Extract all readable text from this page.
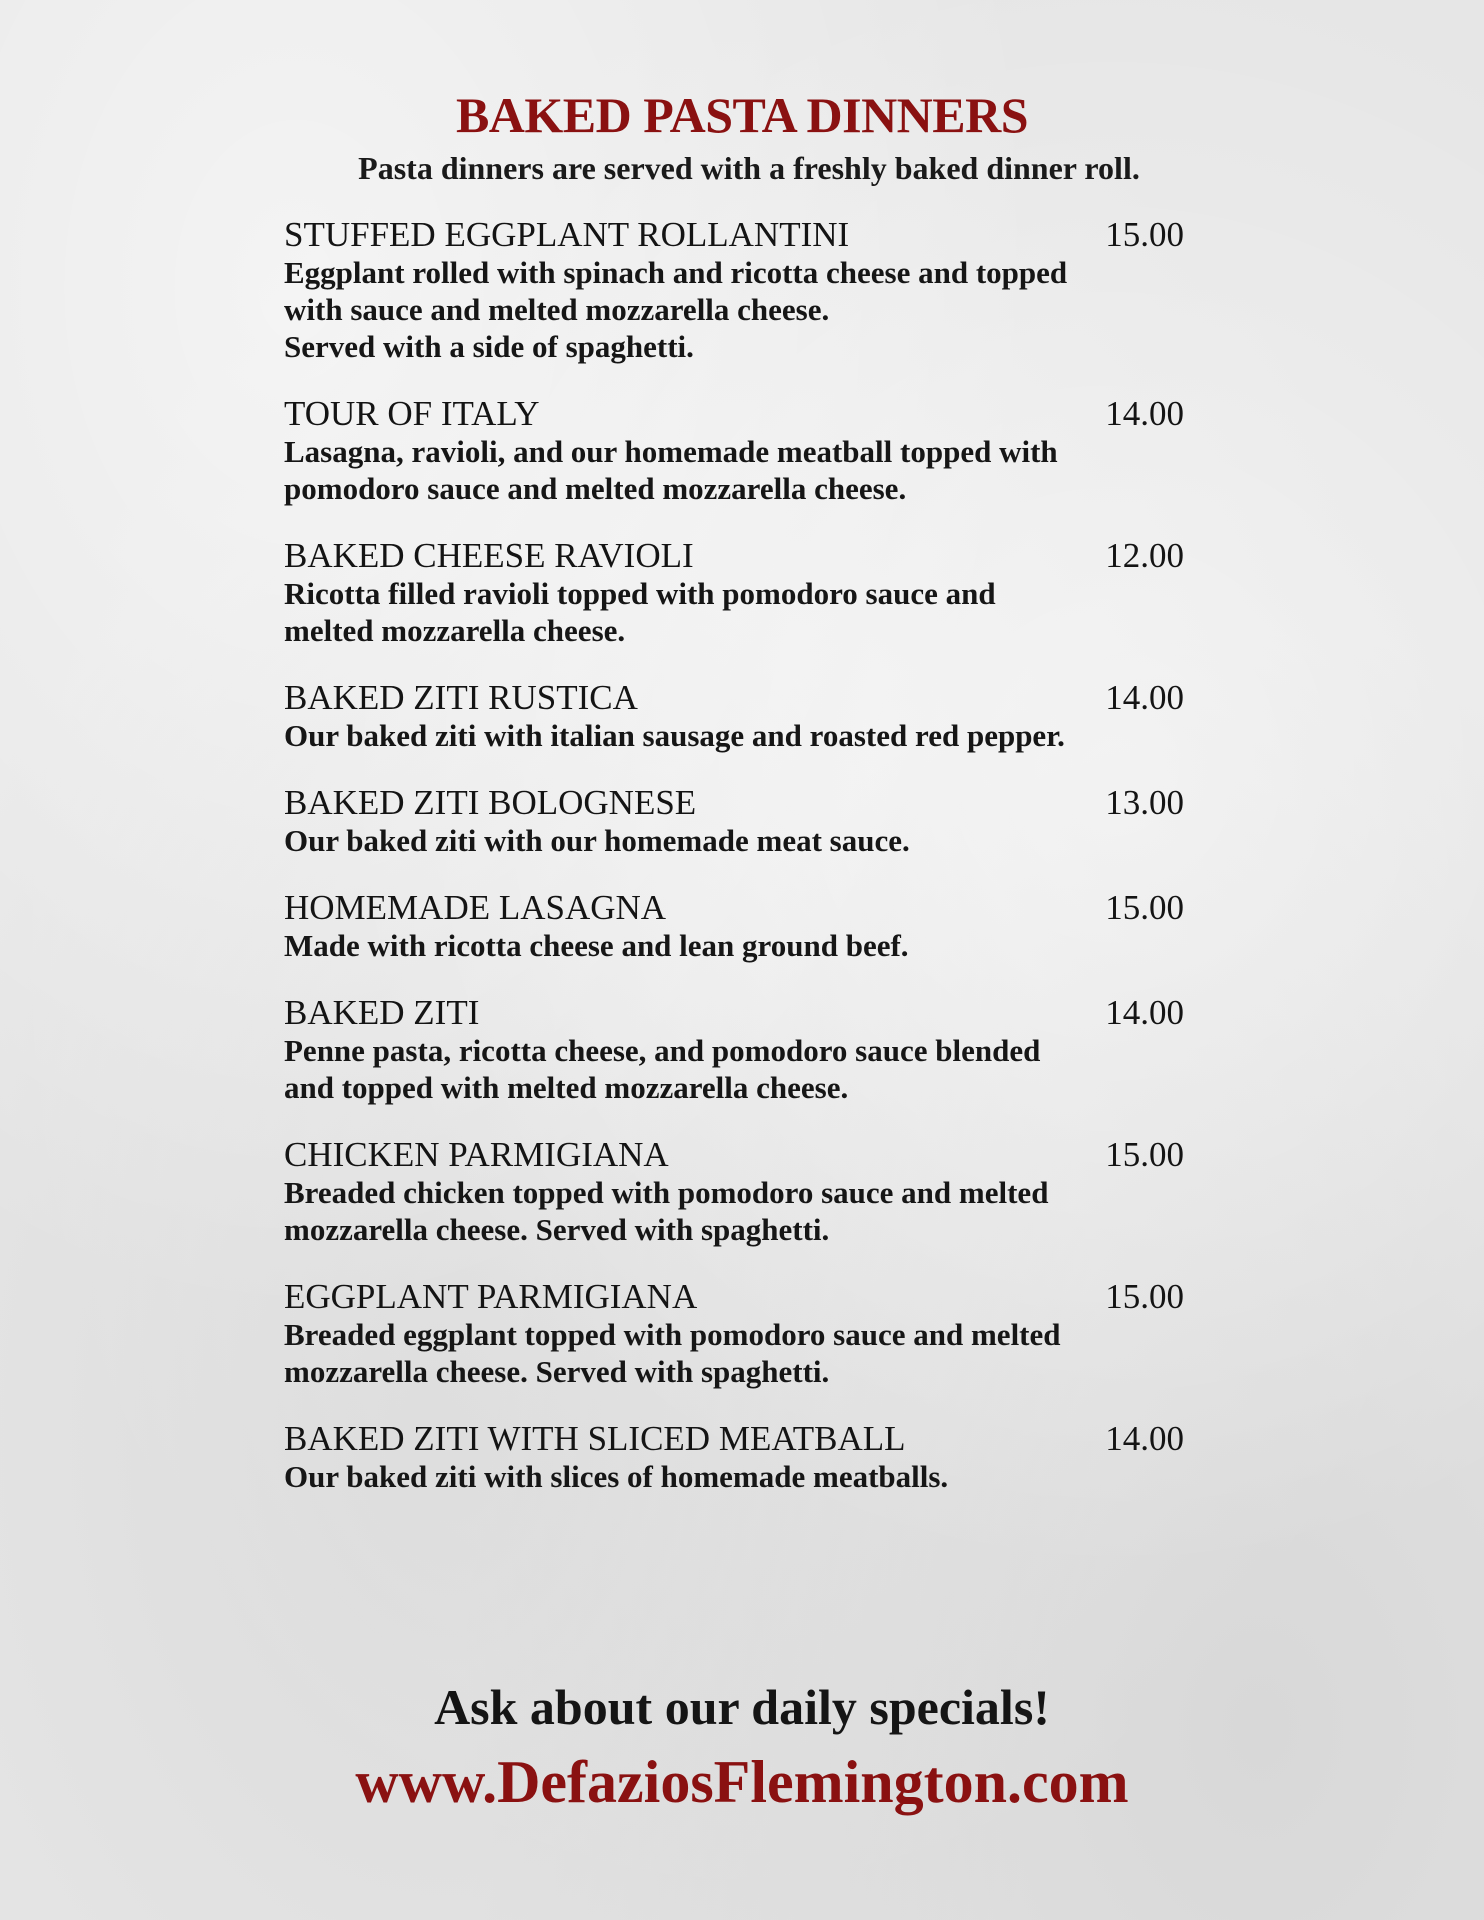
BAKED PASTA DINNERS
Pasta dinners are served with a freshly baked dinner roll.
STUFFED EGGPLANT ROLLANTINI	15.00
Eggplant rolled with spinach and ricotta cheese and topped
with sauce and melted mozzarella cheese.
Served with a side of spaghetti.
TOUR OF ITALY	14.00
Lasagna, ravioli, and our homemade meatball topped with
pomodoro sauce and melted mozzarella cheese.
BAKED CHEESE RAVIOLI	12.00
Ricotta filled ravioli topped with pomodoro sauce and
melted mozzarella cheese.
BAKED ZITI RUSTICA	14.00
Our baked ziti with italian sausage and roasted red pepper.
BAKED ZITI BOLOGNESE	13.00
Our baked ziti with our homemade meat sauce.
HOMEMADE LASAGNA	15.00
Made with ricotta cheese and lean ground beef.
BAKED ZITI	14.00
Penne pasta, ricotta cheese, and pomodoro sauce blended
and topped with melted mozzarella cheese.
CHICKEN PARMIGIANA	15.00
Breaded chicken topped with pomodoro sauce and melted
mozzarella cheese. Served with spaghetti.
EGGPLANT PARMIGIANA	15.00
Breaded eggplant topped with pomodoro sauce and melted
mozzarella cheese. Served with spaghetti.
BAKED ZITI WITH SLICED MEATBALL	14.00
Our baked ziti with slices of homemade meatballs.
Ask about our daily specials!
www.DefaziosFlemington.com
